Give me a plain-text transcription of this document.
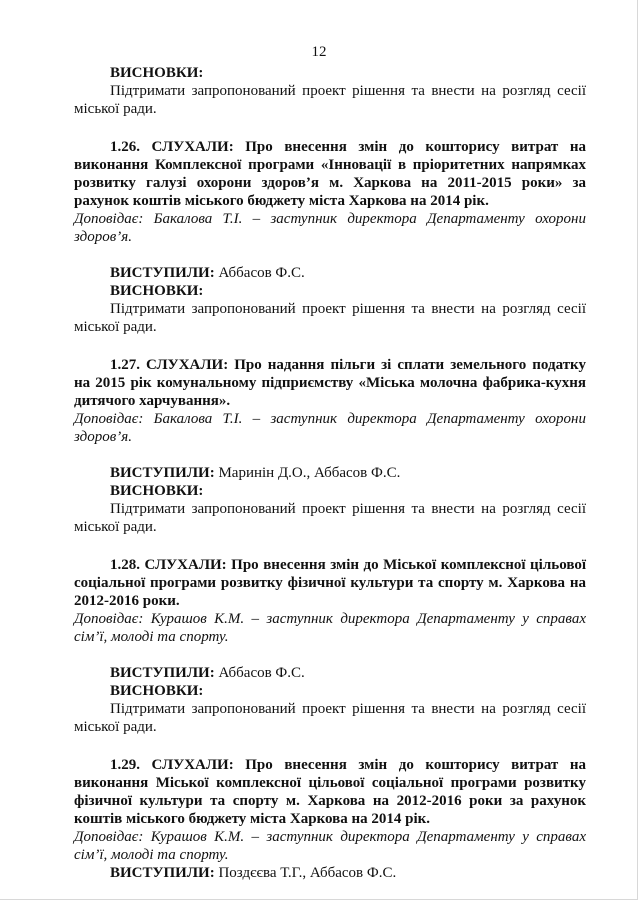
12
ВИСНОВКИ:
Підтримати запропонований проект рішення та внести на розгляд сесії міської ради.
1.26. СЛУХАЛИ: Про внесення змін до кошторису витрат на виконання Комплексної програми «Інновації в пріоритетних напрямках розвитку галузі охорони здоров’я м. Харкова на 2011-2015 роки» за рахунок коштів міського бюджету міста Харкова на 2014 рік.
Доповідає: Бакалова Т.І. – заступник директора Департаменту охорони здоров’я.
ВИСТУПИЛИ: Аббасов Ф.С.
ВИСНОВКИ:
Підтримати запропонований проект рішення та внести на розгляд сесії міської ради.
1.27. СЛУХАЛИ: Про надання пільги зі сплати земельного податку на 2015 рік комунальному підприємству «Міська молочна фабрика-кухня дитячого харчування».
Доповідає: Бакалова Т.І. – заступник директора Департаменту охорони здоров’я.
ВИСТУПИЛИ: Маринін Д.О., Аббасов Ф.С.
ВИСНОВКИ:
Підтримати запропонований проект рішення та внести на розгляд сесії міської ради.
1.28. СЛУХАЛИ: Про внесення змін до Міської комплексної цільової соціальної програми розвитку фізичної культури та спорту м. Харкова на 2012-2016 роки.
Доповідає: Курашов К.М. – заступник директора Департаменту у справах сім’ї, молоді та спорту.
ВИСТУПИЛИ: Аббасов Ф.С.
ВИСНОВКИ:
Підтримати запропонований проект рішення та внести на розгляд сесії міської ради.
1.29. СЛУХАЛИ: Про внесення змін до кошторису витрат на виконання Міської комплексної цільової соціальної програми розвитку фізичної культури та спорту м. Харкова на 2012-2016 роки за рахунок коштів міського бюджету міста Харкова на 2014 рік.
Доповідає: Курашов К.М. – заступник директора Департаменту у справах сім’ї, молоді та спорту.
ВИСТУПИЛИ: Поздєєва Т.Г., Аббасов Ф.С.
